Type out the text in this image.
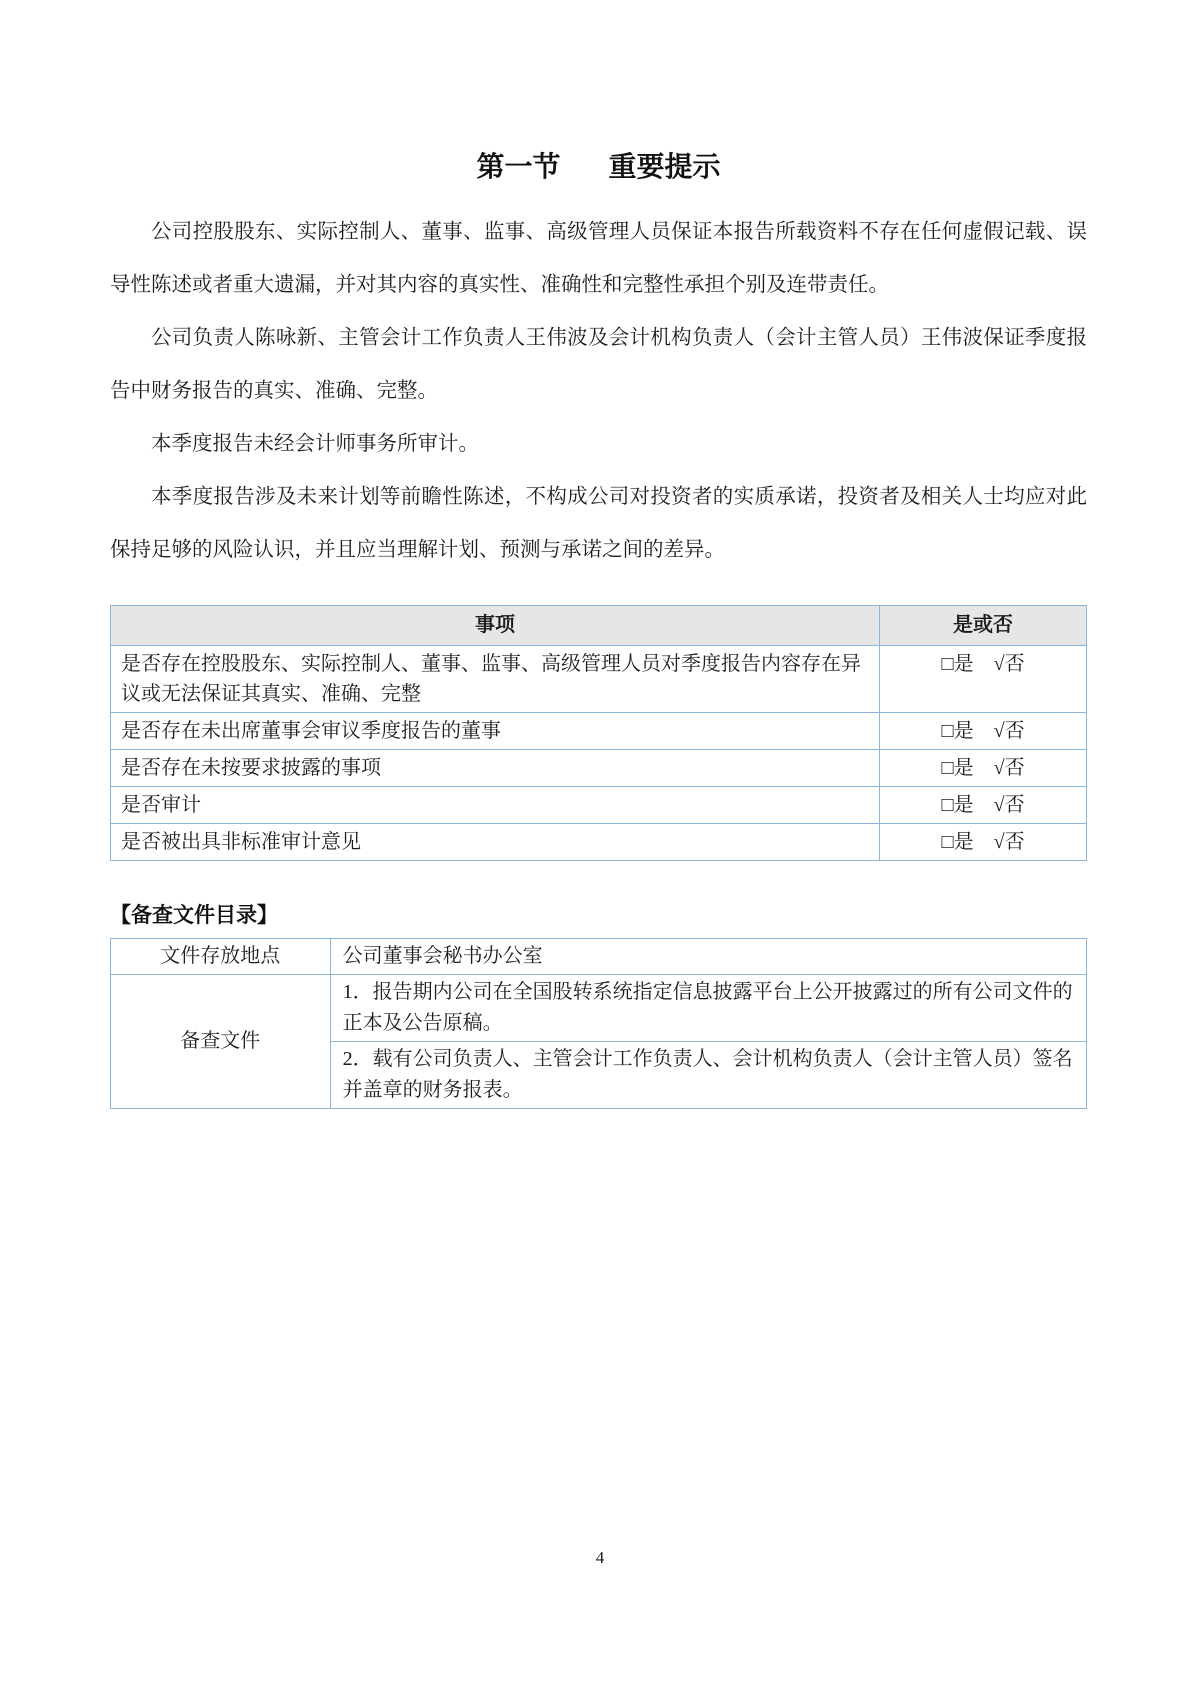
第一节 重要提示

公司控股股东、实际控制人、董事、监事、高级管理人员保证本报告所载资料不存在任何虚假记载、误导性陈述或者重大遗漏，并对其内容的真实性、准确性和完整性承担个别及连带责任。

公司负责人陈咏新、主管会计工作负责人王伟波及会计机构负责人（会计主管人员）王伟波保证季度报告中财务报告的真实、准确、完整。

本季度报告未经会计师事务所审计。

本季度报告涉及未来计划等前瞻性陈述，不构成公司对投资者的实质承诺，投资者及相关人士均应对此保持足够的风险认识，并且应当理解计划、预测与承诺之间的差异。

事项	是或否
是否存在控股股东、实际控制人、董事、监事、高级管理人员对季度报告内容存在异议或无法保证其真实、准确、完整	□是 √否
是否存在未出席董事会审议季度报告的董事	□是 √否
是否存在未按要求披露的事项	□是 √否
是否审计	□是 √否
是否被出具非标准审计意见	□是 √否
【备查文件目录】
文件存放地点	公司董事会秘书办公室
备查文件	1．报告期内公司在全国股转系统指定信息披露平台上公开披露过的所有公司文件的正本及公告原稿。
	2．载有公司负责人、主管会计工作负责人、会计机构负责人（会计主管人员）签名并盖章的财务报表。
4
